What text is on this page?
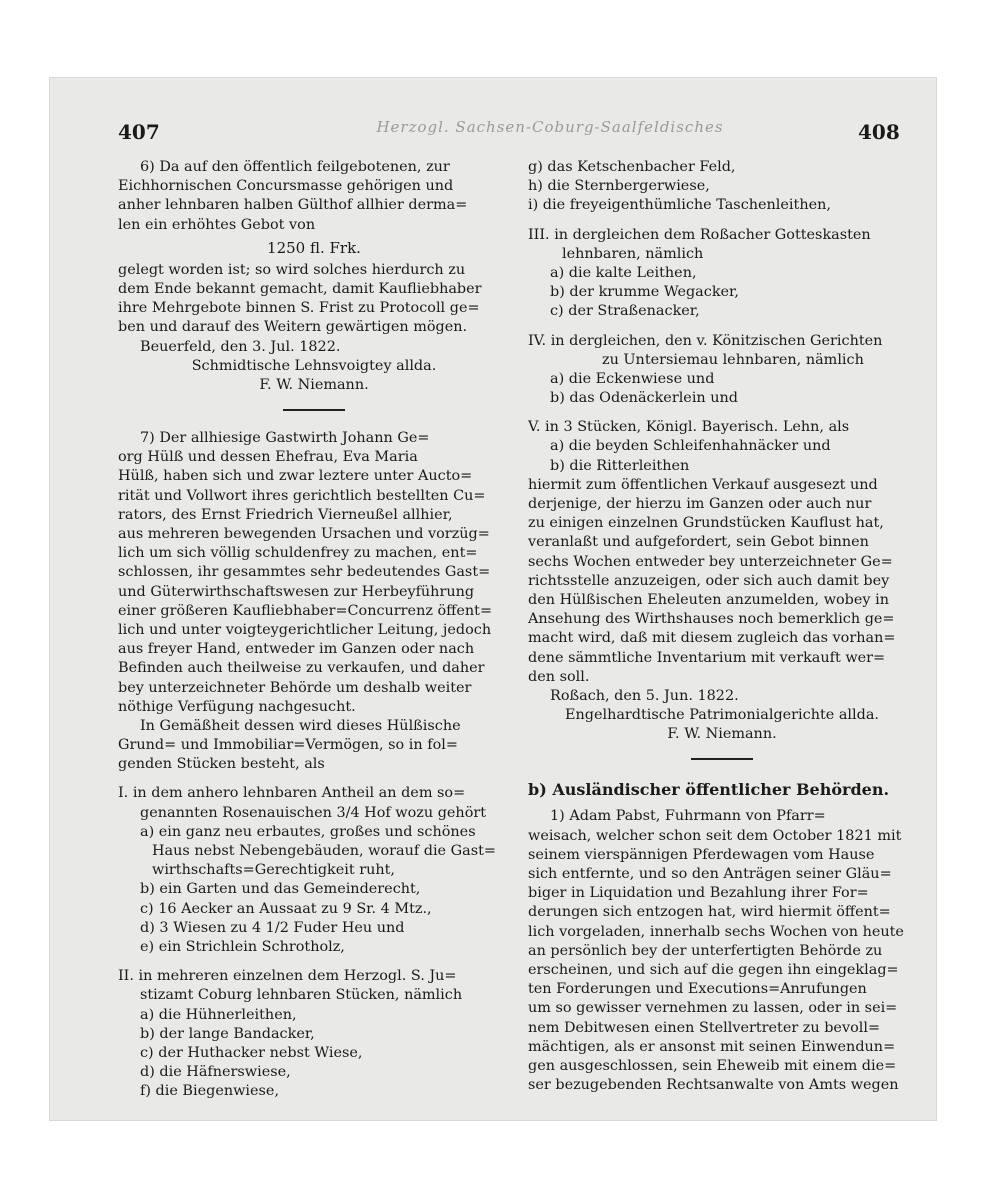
407	408
Herzogl. Sachsen-Coburg-Saalfeldisches
6) Da auf den öffentlich feilgebotenen, zur
Eichhornischen Concursmasse gehörigen und
anher lehnbaren halben Gülthof allhier derma=
len ein erhöhtes Gebot von
1250 fl. Frk.
gelegt worden ist; so wird solches hierdurch zu
dem Ende bekannt gemacht, damit Kaufliebhaber
ihre Mehrgebote binnen S. Frist zu Protocoll ge=
ben und darauf des Weitern gewärtigen mögen.
Beuerfeld, den 3. Jul. 1822.
Schmidtische Lehnsvoigtey allda.
F. W. Niemann.
7) Der allhiesige Gastwirth Johann Ge=
org Hülß und dessen Ehefrau, Eva Maria
Hülß, haben sich und zwar leztere unter Aucto=
rität und Vollwort ihres gerichtlich bestellten Cu=
rators, des Ernst Friedrich Vierneußel allhier,
aus mehreren bewegenden Ursachen und vorzüg=
lich um sich völlig schuldenfrey zu machen, ent=
schlossen, ihr gesammtes sehr bedeutendes Gast=
und Güterwirthschaftswesen zur Herbeyführung
einer größeren Kaufliebhaber=Concurrenz öffent=
lich und unter voigteygerichtlicher Leitung, jedoch
aus freyer Hand, entweder im Ganzen oder nach
Befinden auch theilweise zu verkaufen, und daher
bey unterzeichneter Behörde um deshalb weiter
nöthige Verfügung nachgesucht.
In Gemäßheit dessen wird dieses Hülßische
Grund= und Immobiliar=Vermögen, so in fol=
genden Stücken besteht, als
I. in dem anhero lehnbaren Antheil an dem so=
genannten Rosenauischen 3/4 Hof wozu gehört
a) ein ganz neu erbautes, großes und schönes
Haus nebst Nebengebäuden, worauf die Gast=
wirthschafts=Gerechtigkeit ruht,
b) ein Garten und das Gemeinderecht,
c) 16 Aecker an Aussaat zu 9 Sr. 4 Mtz.,
d) 3 Wiesen zu 4 1/2 Fuder Heu und
e) ein Strichlein Schrotholz,
II. in mehreren einzelnen dem Herzogl. S. Ju=
stizamt Coburg lehnbaren Stücken, nämlich
a) die Hühnerleithen,
b) der lange Bandacker,
c) der Huthacker nebst Wiese,
d) die Häfnerswiese,
f) die Biegenwiese,
g) das Ketschenbacher Feld,
h) die Sternbergerwiese,
i) die freyeigenthümliche Taschenleithen,
III. in dergleichen dem Roßacher Gotteskasten
lehnbaren, nämlich
a) die kalte Leithen,
b) der krumme Wegacker,
c) der Straßenacker,
IV. in dergleichen, den v. Könitzischen Gerichten
zu Untersiemau lehnbaren, nämlich
a) die Eckenwiese und
b) das Odenäckerlein und
V. in 3 Stücken, Königl. Bayerisch. Lehn, als
a) die beyden Schleifenhahnäcker und
b) die Ritterleithen
hiermit zum öffentlichen Verkauf ausgesezt und
derjenige, der hierzu im Ganzen oder auch nur
zu einigen einzelnen Grundstücken Kauflust hat,
veranlaßt und aufgefordert, sein Gebot binnen
sechs Wochen entweder bey unterzeichneter Ge=
richtsstelle anzuzeigen, oder sich auch damit bey
den Hülßischen Eheleuten anzumelden, wobey in
Ansehung des Wirthshauses noch bemerklich ge=
macht wird, daß mit diesem zugleich das vorhan=
dene sämmtliche Inventarium mit verkauft wer=
den soll.
Roßach, den 5. Jun. 1822.
Engelhardtische Patrimonialgerichte allda.
F. W. Niemann.
b) Ausländischer öffentlicher Behörden.
1) Adam Pabst, Fuhrmann von Pfarr=
weisach, welcher schon seit dem October 1821 mit
seinem vierspännigen Pferdewagen vom Hause
sich entfernte, und so den Anträgen seiner Gläu=
biger in Liquidation und Bezahlung ihrer For=
derungen sich entzogen hat, wird hiermit öffent=
lich vorgeladen, innerhalb sechs Wochen von heute
an persönlich bey der unterfertigten Behörde zu
erscheinen, und sich auf die gegen ihn eingeklag=
ten Forderungen und Executions=Anrufungen
um so gewisser vernehmen zu lassen, oder in sei=
nem Debitwesen einen Stellvertreter zu bevoll=
mächtigen, als er ansonst mit seinen Einwendun=
gen ausgeschlossen, sein Eheweib mit einem die=
ser bezugebenden Rechtsanwalte von Amts wegen
